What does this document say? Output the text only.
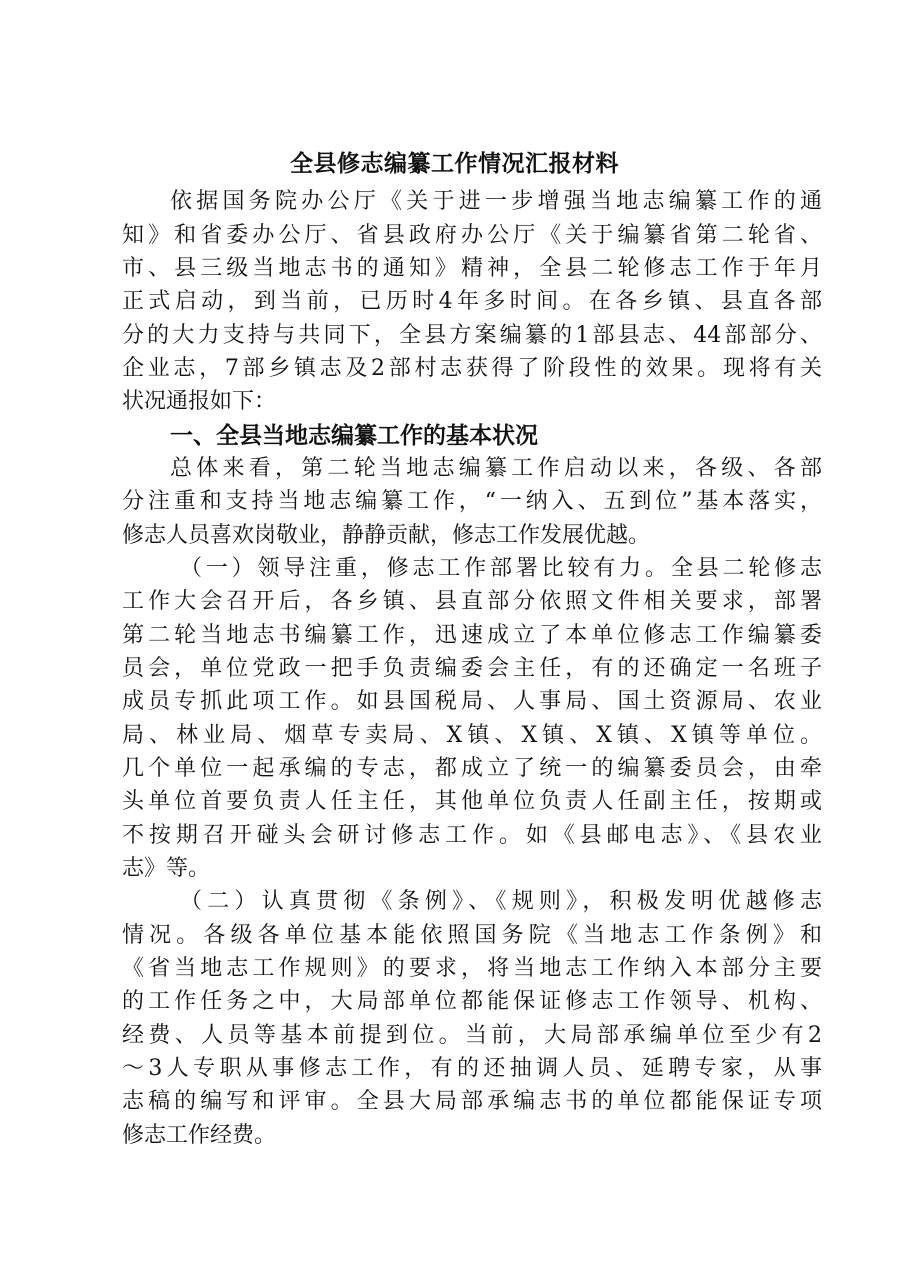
全县修志编纂工作情况汇报材料
依据国务院办公厅《关于进一步增强当地志编纂工作的通
知》和省委办公厅、省县政府办公厅《关于编纂省第二轮省、
市、县三级当地志书的通知》精神，全县二轮修志工作于年月
正式启动，到当前，已历时4年多时间。在各乡镇、县直各部
分的大力支持与共同下，全县方案编纂的1部县志、44部部分、
企业志，7部乡镇志及2部村志获得了阶段性的效果。现将有关
状况通报如下：
一、全县当地志编纂工作的基本状况
总体来看，第二轮当地志编纂工作启动以来，各级、各部
分注重和支持当地志编纂工作，“一纳入、五到位”基本落实，
修志人员喜欢岗敬业，静静贡献，修志工作发展优越。
（一）领导注重，修志工作部署比较有力。全县二轮修志
工作大会召开后，各乡镇、县直部分依照文件相关要求，部署
第二轮当地志书编纂工作，迅速成立了本单位修志工作编纂委
员会，单位党政一把手负责编委会主任，有的还确定一名班子
成员专抓此项工作。如县国税局、人事局、国土资源局、农业
局、林业局、烟草专卖局、X镇、X镇、X镇、X镇等单位。
几个单位一起承编的专志，都成立了统一的编纂委员会，由牵
头单位首要负责人任主任，其他单位负责人任副主任，按期或
不按期召开碰头会研讨修志工作。如《县邮电志》、《县农业
志》等。
（二）认真贯彻《条例》、《规则》，积极发明优越修志
情况。各级各单位基本能依照国务院《当地志工作条例》和
《省当地志工作规则》的要求，将当地志工作纳入本部分主要
的工作任务之中，大局部单位都能保证修志工作领导、机构、
经费、人员等基本前提到位。当前，大局部承编单位至少有2
～3人专职从事修志工作，有的还抽调人员、延聘专家，从事
志稿的编写和评审。全县大局部承编志书的单位都能保证专项
修志工作经费。
